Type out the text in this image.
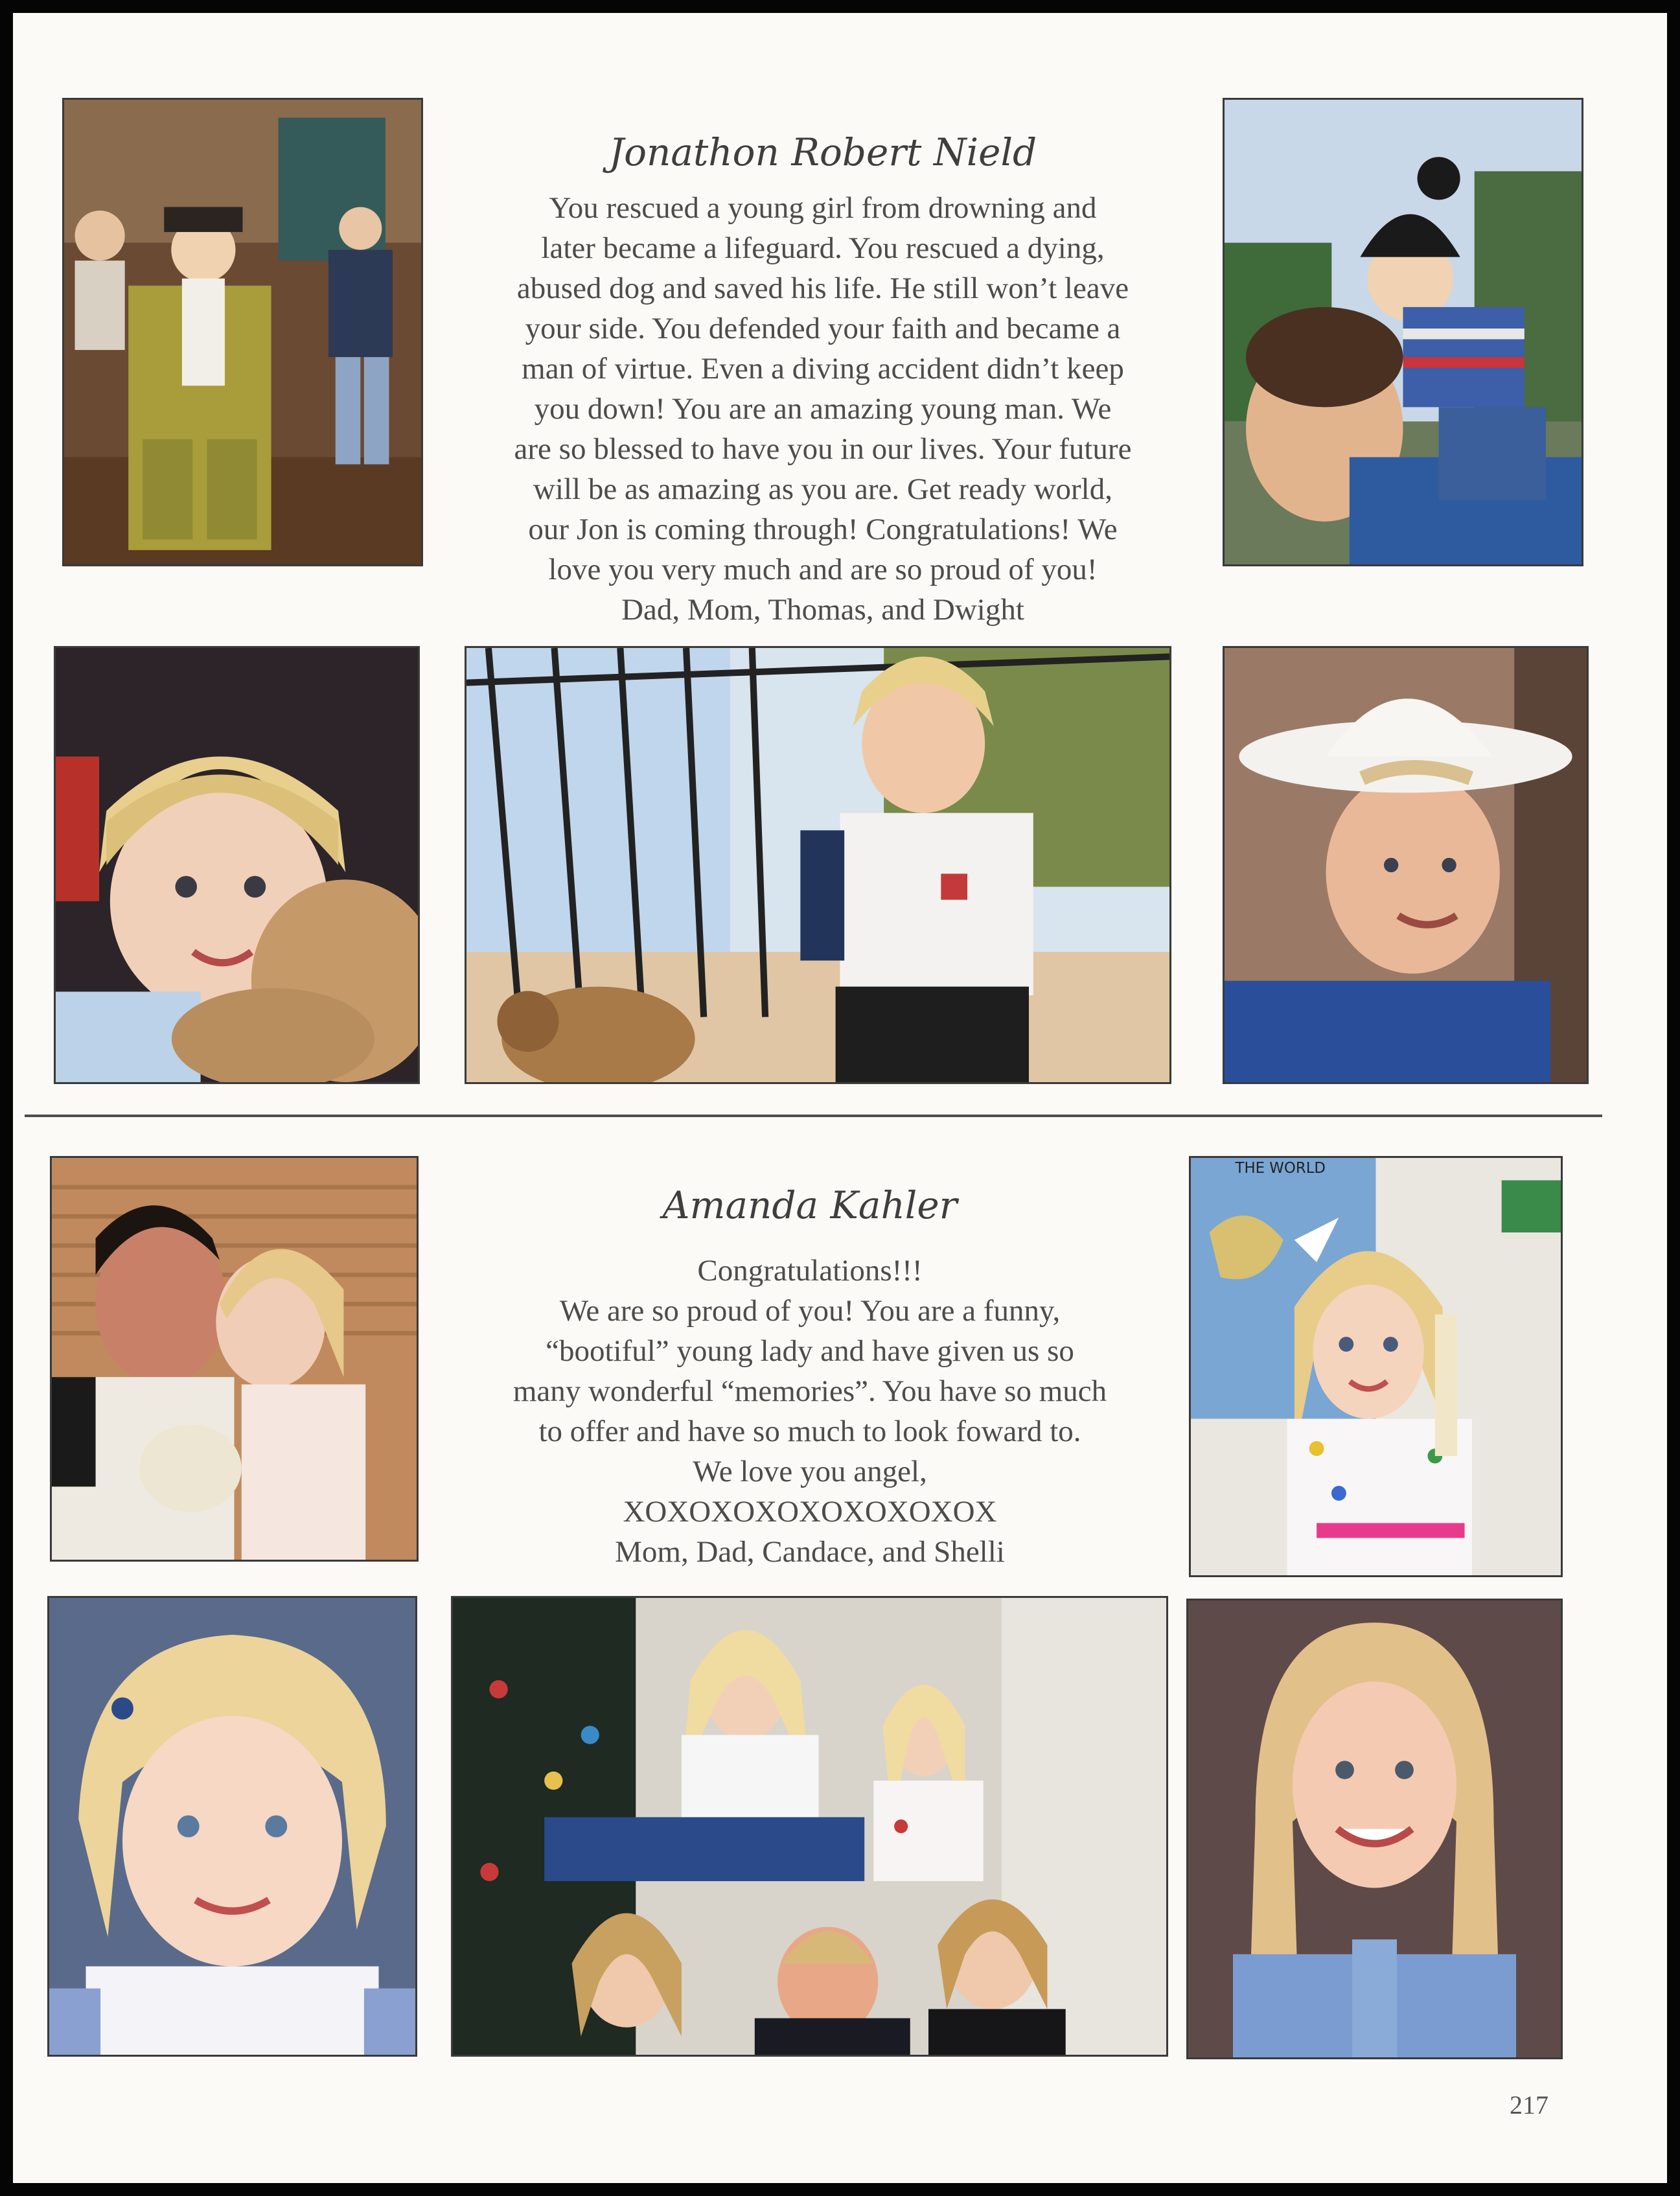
Jonathon Robert Nield
You rescued a young girl from drowning and
later became a lifeguard. You rescued a dying,
abused dog and saved his life. He still won’t leave
your side. You defended your faith and became a
man of virtue. Even a diving accident didn’t keep
you down! You are an amazing young man. We
are so blessed to have you in our lives. Your future
will be as amazing as you are. Get ready world,
our Jon is coming through! Congratulations! We
love you very much and are so proud of you!
Dad, Mom, Thomas, and Dwight
THE WORLD
Amanda Kahler
Congratulations!!!
We are so proud of you! You are a funny,
“bootiful” young lady and have given us so
many wonderful “memories”. You have so much
to offer and have so much to look foward to.
We love you angel,
XOXOXOXOXOXOXOXOX
Mom, Dad, Candace, and Shelli
217
